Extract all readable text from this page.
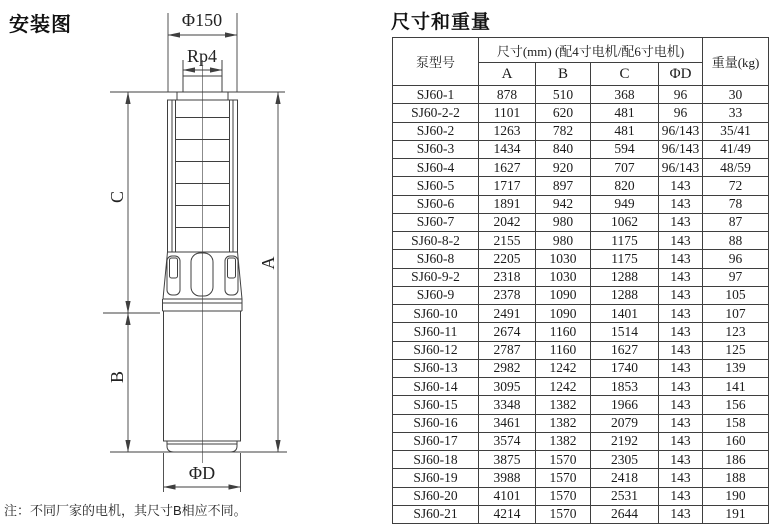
安装图	Φ150
Rp4
C
A
B
ΦD
注：不同厂家的电机，其尺寸B相应不同。
尺寸和重量
泵型号	尺寸(mm) (配4寸电机/配6寸电机)				重量(kg)
	A	B	C	ΦD	
SJ60-1	878	510	368	96	30
SJ60-2-2	1101	620	481	96	33
SJ60-2	1263	782	481	96/143	35/41
SJ60-3	1434	840	594	96/143	41/49
SJ60-4	1627	920	707	96/143	48/59
SJ60-5	1717	897	820	143	72
SJ60-6	1891	942	949	143	78
SJ60-7	2042	980	1062	143	87
SJ60-8-2	2155	980	1175	143	88
SJ60-8	2205	1030	1175	143	96
SJ60-9-2	2318	1030	1288	143	97
SJ60-9	2378	1090	1288	143	105
SJ60-10	2491	1090	1401	143	107
SJ60-11	2674	1160	1514	143	123
SJ60-12	2787	1160	1627	143	125
SJ60-13	2982	1242	1740	143	139
SJ60-14	3095	1242	1853	143	141
SJ60-15	3348	1382	1966	143	156
SJ60-16	3461	1382	2079	143	158
SJ60-17	3574	1382	2192	143	160
SJ60-18	3875	1570	2305	143	186
SJ60-19	3988	1570	2418	143	188
SJ60-20	4101	1570	2531	143	190
SJ60-21	4214	1570	2644	143	191
